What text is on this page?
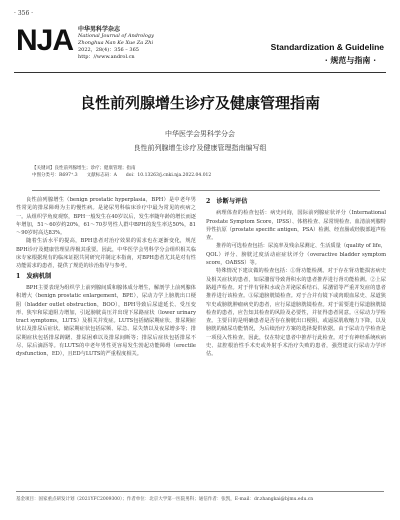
· 356 ·
NJA 中华男科学杂志
National Journal of Andrology
Zhonghua Nan Ke Xue Za Zhi
2022，28(4)：356 – 365
http：//www.androl.cn
Standardization & Guideline
· 规范与指南 ·
良性前列腺增生诊疗及健康管理指南
中华医学会男科学分会
良性前列腺增生诊疗及健康管理指南编写组
【关键词】良性前列腺增生；诊疗；健康管理；指南
中图分类号：R697⁺.3　　文献标志码：A　　doi：10.13263/j.cnki.nja.2022.04.012

良性前列腺增生（benign prostatic hyperplasia，BPH）是中老年男性常见的排尿障碍为主的慢性病。是泌尿男科临床诊疗中最为常见的疾病之一。从组织学角度观察，BPH一般发生在40岁以后，发生率随年龄的增长而逐年增加，51～60岁约20%，61～70岁男性人群中BPH的发生率达50%，81～90岁时高达83%。

随着生活水平的提高，BPH患者对治疗效果的需求也在逐渐变化，规范BPH诊疗及健康管理显得极其重要。因此，中华医学会男科学分会组织相关临床专家根据现有的临床证据共同研究并制定本指南，对BPH患者尤其是对有性功能需求的患者，提供了规范的诊治指导与参考。

1　发病机制

BPH主要表现为组织学上前列腺间质和腺体成分增生，解剖学上前列腺体积增大（benign prostatic enlargement，BPE），尿动力学上膀胱出口梗阻（bladder outlet obstruction，BOO），BPH导致后尿道延长、受压变形、狭窄和尿道阻力增加，引起膀胱高压并出现下尿路症状（lower urinary tract symptoms，LUTS）及相关并发症。LUTS包括储尿期症状、排尿期症状以及排尿后症状。储尿期症状包括尿频、尿急、尿失禁以及夜尿增多等；排尿期症状包括排尿踌躇、排尿困难以及排尿间断等；排尿后症状包括排尿不尽、尿后滴沥等。有LUTS的中老年男性更容易发生勃起功能障碍（erectile dysfunction，ED），且ED与LUTS的严重程度相关。

2　诊断与评估

病理体查的检查包括：病史问询，国际前列腺症状评分（International Prostate Symptom Score，IPSS）、体格检查、尿常规检查、血清前列腺特异性抗原（prostate specific antigen，PSA）检测、经直肠或经腹部超声检查。

推荐的可选检查包括：尿流率及残余尿测定、生活质量（quality of life，QOL）评分、膀胱过度活动症症状评分（overactive bladder symptom score，OABSS）等。

特殊情况下建议做的检查包括：①肾功能检测。对于存在肾功能损害病史及相关症状的患者，如尿潴留导致肾积水的患者推荐进行肾功能检测。②上尿路超声检查。对于伴有肾积水或合并泌尿系结石、尿潴留等严重并发症的患者推荐进行该检查。③尿道膀胱镜检查。对于合并有镜下或肉眼血尿史、尿道狭窄史或膀胱肿瘤病史的患者，应行尿道膀胱镜检查。对于需要进行尿道膀胱镜检查的患者，应告知其检查的风险及必要性，并征得患者同意。④尿动力学检查。主要目的是明确患者是否存在膀胱出口梗阻，或逼尿肌收缩力下降，以及膀胱的储尿功能情况，为后续治疗方案的选择提供依据。由于尿动力学检查是一项侵入性检查，因此，仅在特定患者中推荐行此检查。对于有神经系统疾病史、盆腔根治性手术史或外射手术治疗失败的患者，强烈建议行尿动力学评估。

基金项目：国家重点研发计划（2021YFC2009300）；作者单位：北京大学第一医院男科；通信作者：张凯，E-mail：dr.zhangkai@bjmu.edu.cn
